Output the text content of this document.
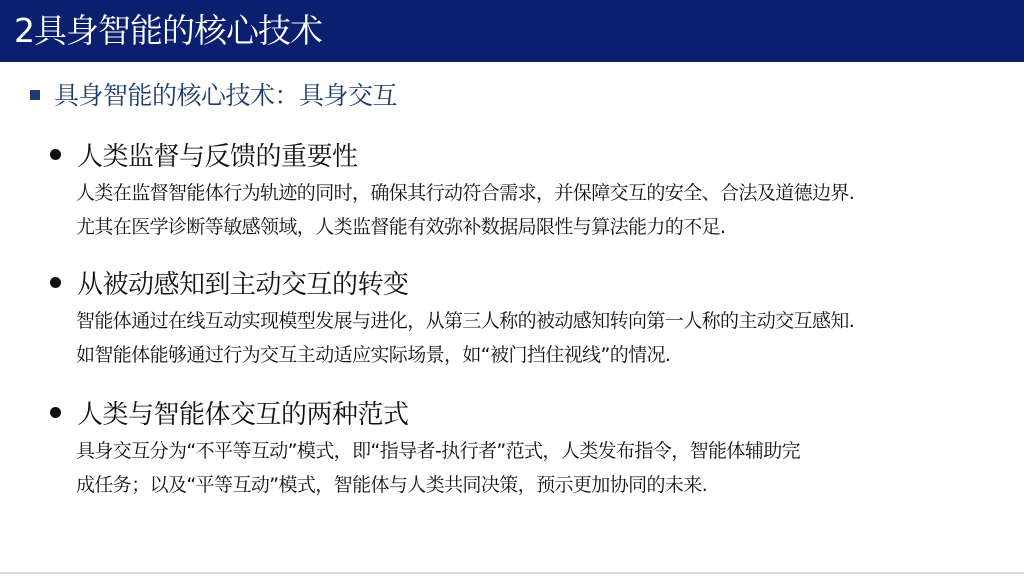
2具身智能的核心技术
具身智能的核心技术：具身交互
人类监督与反馈的重要性
人类在监督智能体行为轨迹的同时，确保其行动符合需求，并保障交互的安全、合法及道德边界.
尤其在医学诊断等敏感领域，人类监督能有效弥补数据局限性与算法能力的不足.
从被动感知到主动交互的转变
智能体通过在线互动实现模型发展与进化，从第三人称的被动感知转向第一人称的主动交互感知.
如智能体能够通过行为交互主动适应实际场景，如“被门挡住视线”的情况.
人类与智能体交互的两种范式
具身交互分为“不平等互动”模式，即“指导者-执行者”范式，人类发布指令，智能体辅助完
成任务；以及“平等互动”模式，智能体与人类共同决策，预示更加协同的未来.
